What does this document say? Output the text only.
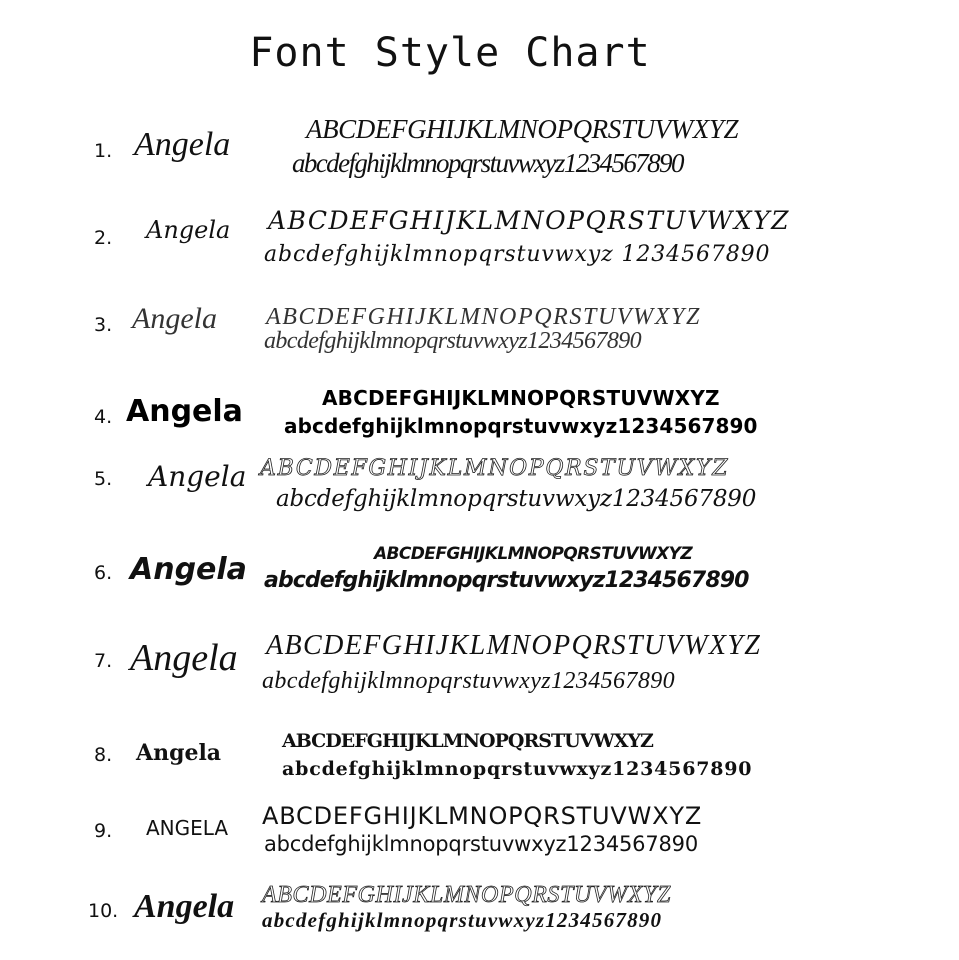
Font Style Chart
1. Angela	ABCDEFGHIJKLMNOPQRSTUVWXYZ
abcdefghijklmnopqrstuvwxyz1234567890
2. Angela ABCDEFGHIJKLMNOPQRSTUVWXYZ
abcdefghijklmnopqrstuvwxyz 1234567890
3. Angela ABCDEFGHIJKLMNOPQRSTUVWXYZ
abcdefghijklmnopqrstuvwxyz1234567890
4. Angela	ABCDEFGHIJKLMNOPQRSTUVWXYZ
abcdefghijklmnopqrstuvwxyz1234567890
5. Angela ABCDEFGHIJKLMNOPQRSTUVWXYZ
abcdefghijklmnopqrstuvwxyz1234567890
6. Angela	ABCDEFGHIJKLMNOPQRSTUVWXYZ
abcdefghijklmnopqrstuvwxyz1234567890
7. Angela ABCDEFGHIJKLMNOPQRSTUVWXYZ
abcdefghijklmnopqrstuvwxyz1234567890
8. Angela	ABCDEFGHIJKLMNOPQRSTUVWXYZ
abcdefghijklmnopqrstuvwxyz1234567890
9. ANGELA ABCDEFGHIJKLMNOPQRSTUVWXYZ
abcdefghijklmnopqrstuvwxyz1234567890
10. Angela ABCDEFGHIJKLMNOPQRSTUVWXYZ
abcdefghijklmnopqrstuvwxyz1234567890
